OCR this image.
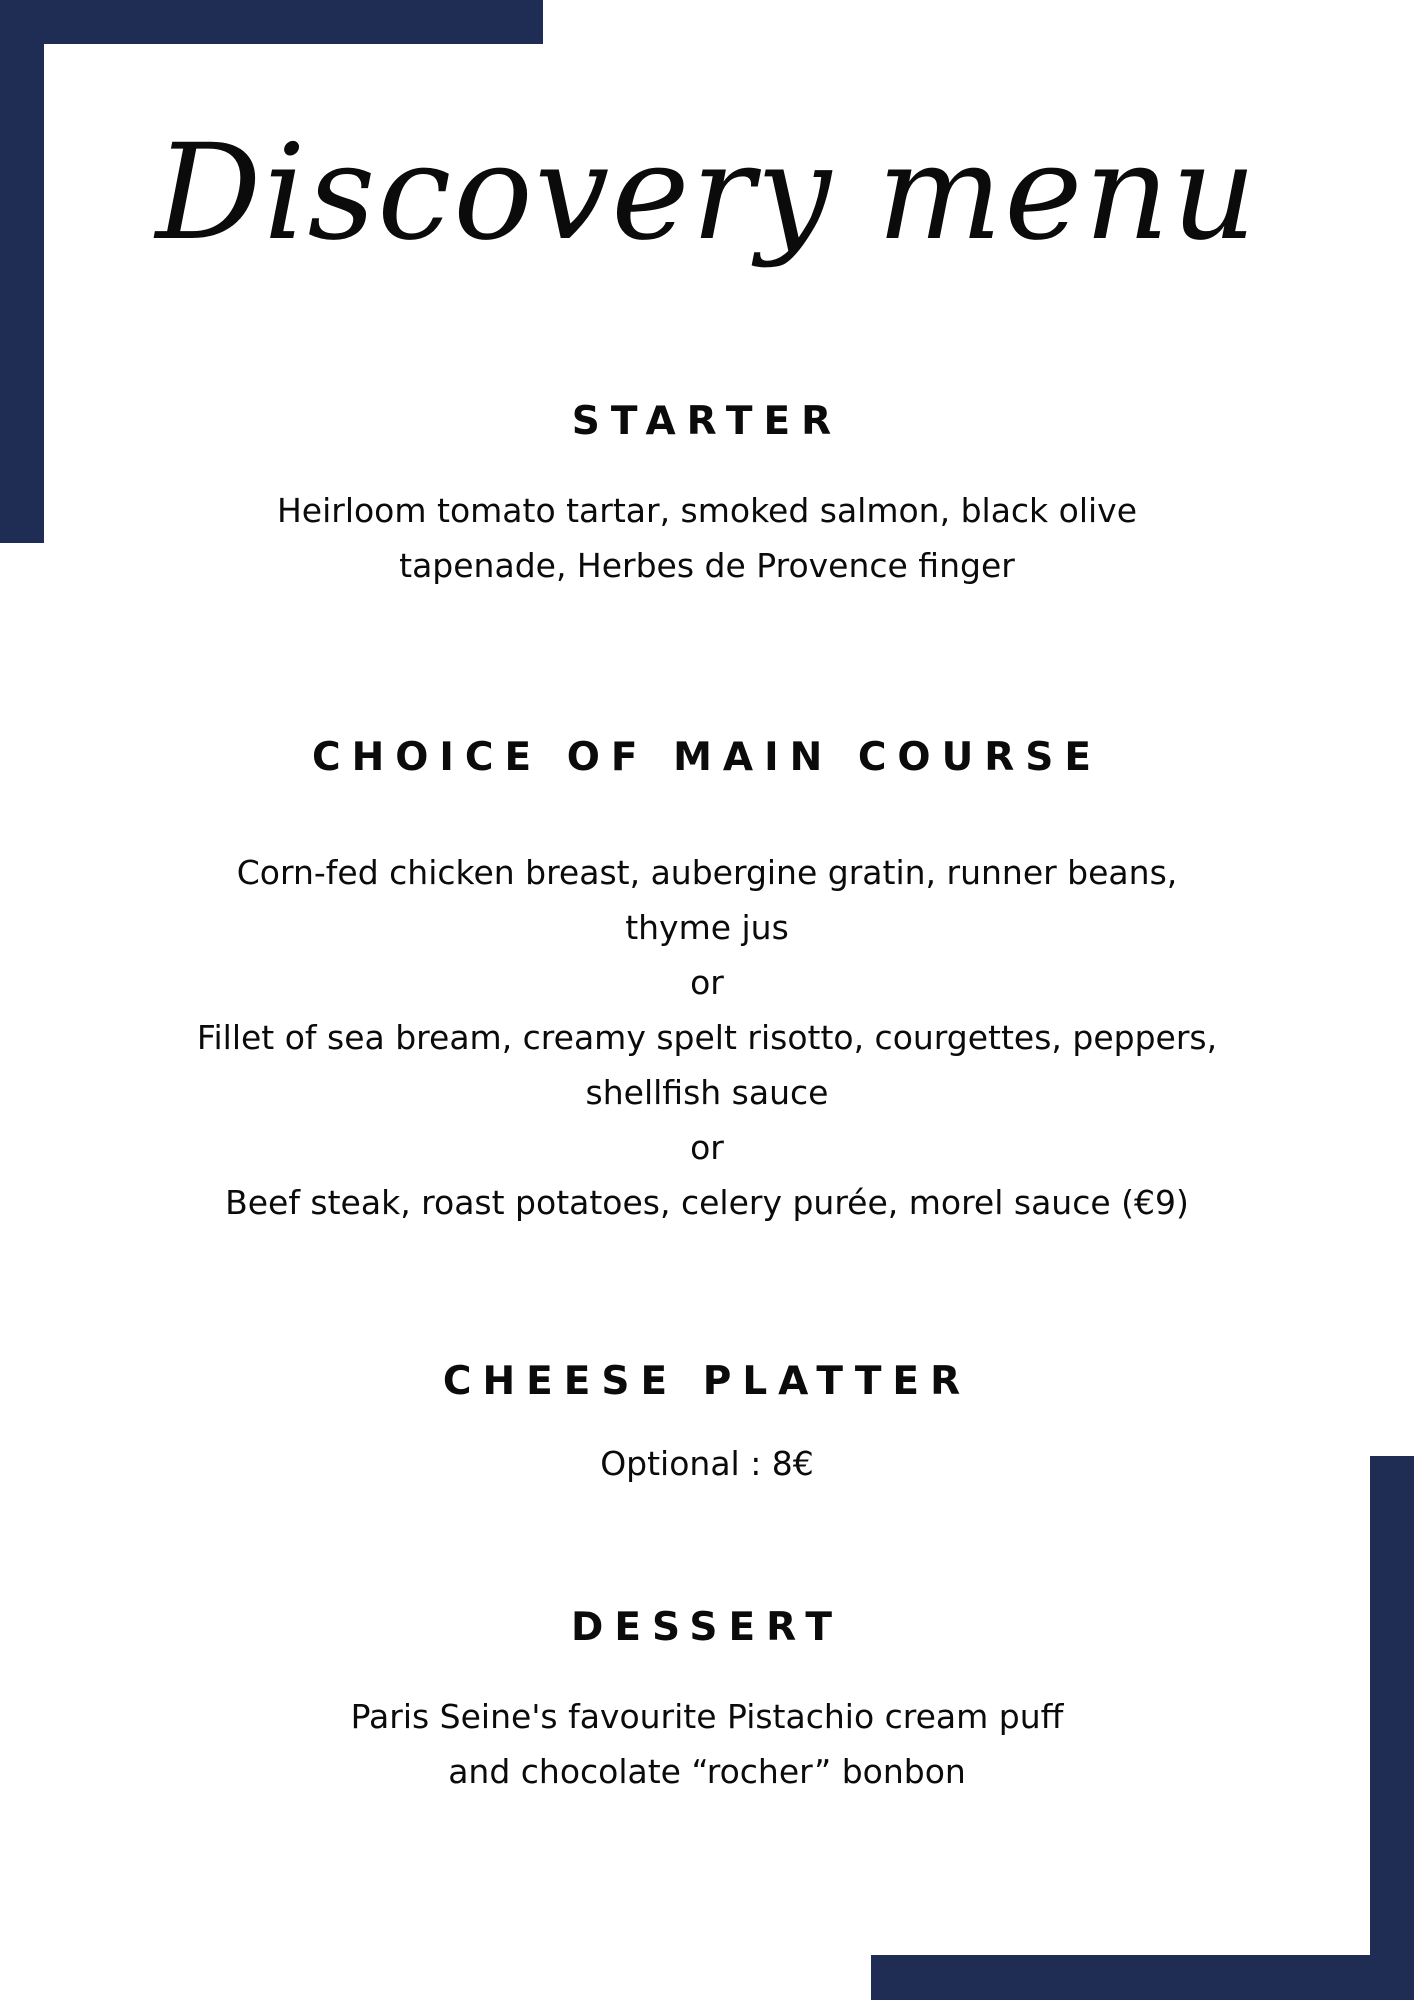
Discovery menu
STARTER

Heirloom tomato tartar, smoked salmon, black olive
tapenade, Herbes de Provence finger

CHOICE OF MAIN COURSE

Corn-fed chicken breast, aubergine gratin, runner beans,
thyme jus
or
Fillet of sea bream, creamy spelt risotto, courgettes, peppers,
shellfish sauce
or
Beef steak, roast potatoes, celery purée, morel sauce (€9)

CHEESE PLATTER

Optional : 8€

DESSERT

Paris Seine's favourite Pistachio cream puff
and chocolate “rocher” bonbon
